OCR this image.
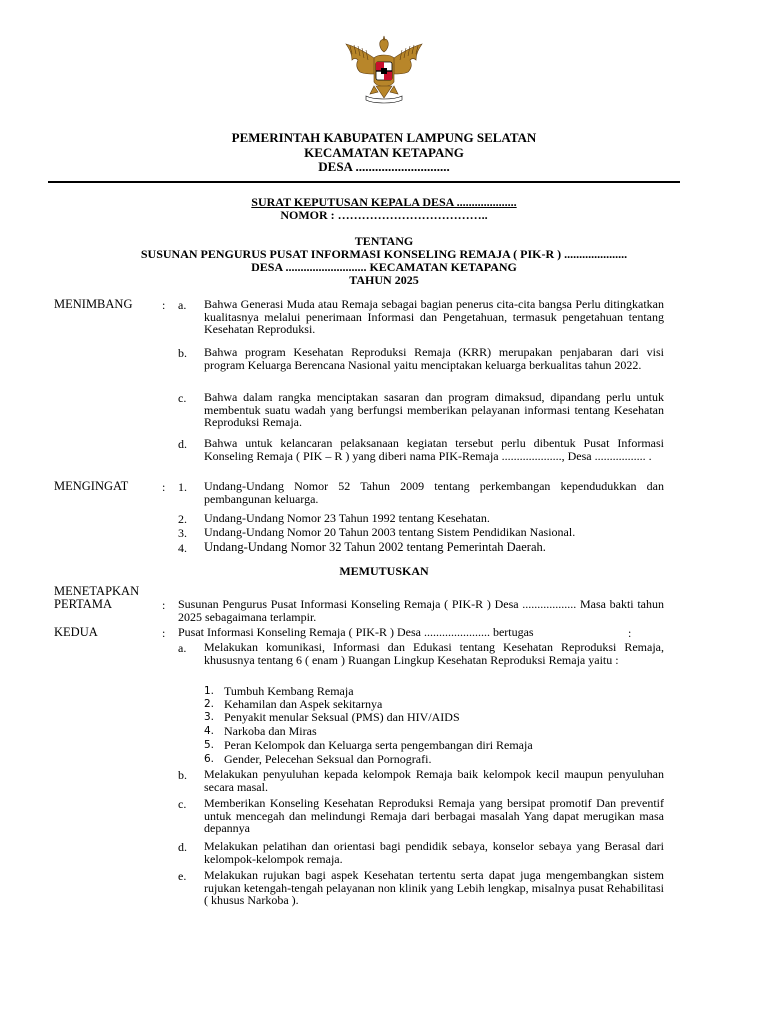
PEMERINTAH KABUPATEN LAMPUNG SELATAN
KECAMATAN KETAPANG
DESA .............................
SURAT KEPUTUSAN KEPALA DESA ....................
NOMOR : ………………………………..
TENTANG
SUSUNAN PENGURUS PUSAT INFORMASI KONSELING REMAJA ( PIK-R ) .....................
DESA ........................... KECAMATAN KETAPANG
TAHUN 2025
MENIMBANG : a. Bahwa Generasi Muda atau Remaja sebagai bagian penerus cita-cita bangsa Perlu ditingkatkan kualitasnya melalui penerimaan Informasi dan Pengetahuan, termasuk pengetahuan tentang Kesehatan Reproduksi.
b. Bahwa program Kesehatan Reproduksi Remaja (KRR) merupakan penjabaran dari visi program Keluarga Berencana Nasional yaitu menciptakan keluarga berkualitas tahun 2022.
c. Bahwa dalam rangka menciptakan sasaran dan program dimaksud, dipandang perlu untuk membentuk suatu wadah yang berfungsi memberikan pelayanan informasi tentang Kesehatan Reproduksi Remaja.
d. Bahwa untuk kelancaran pelaksanaan kegiatan tersebut perlu dibentuk Pusat Informasi Konseling Remaja ( PIK – R ) yang diberi nama PIK-Remaja ...................., Desa ................. .
MENGINGAT	: 1. Undang-Undang Nomor 52 Tahun 2009 tentang perkembangan kependudukkan dan pembangunan keluarga.
2. Undang-Undang Nomor 23 Tahun 1992 tentang Kesehatan.
3. Undang-Undang Nomor 20 Tahun 2003 tentang Sistem Pendidikan Nasional.
4. Undang-Undang Nomor 32 Tahun 2002 tentang Pemerintah Daerah.
MEMUTUSKAN
MENETAPKAN
PERTAMA	: Susunan Pengurus Pusat Informasi Konseling Remaja ( PIK-R ) Desa .................. Masa bakti tahun 2025 sebagaimana terlampir.
KEDUA	: Pusat Informasi Konseling Remaja ( PIK-R ) Desa ...................... bertugas	:
a. Melakukan komunikasi, Informasi dan Edukasi tentang Kesehatan Reproduksi Remaja, khususnya tentang 6 ( enam ) Ruangan Lingkup Kesehatan Reproduksi Remaja yaitu :
1. Tumbuh Kembang Remaja
2. Kehamilan dan Aspek sekitarnya
3. Penyakit menular Seksual (PMS) dan HIV/AIDS
4. Narkoba dan Miras
5. Peran Kelompok dan Keluarga serta pengembangan diri Remaja
6. Gender, Pelecehan Seksual dan Pornografi.
b. Melakukan penyuluhan kepada kelompok Remaja baik kelompok kecil maupun penyuluhan secara masal.
c. Memberikan Konseling Kesehatan Reproduksi Remaja yang bersipat promotif Dan preventif untuk mencegah dan melindungi Remaja dari berbagai masalah Yang dapat merugikan masa depannya
d. Melakukan pelatihan dan orientasi bagi pendidik sebaya, konselor sebaya yang Berasal dari kelompok-kelompok remaja.
e. Melakukan rujukan bagi aspek Kesehatan tertentu serta dapat juga mengembangkan sistem rujukan ketengah-tengah pelayanan non klinik yang Lebih lengkap, misalnya pusat Rehabilitasi ( khusus Narkoba ).
